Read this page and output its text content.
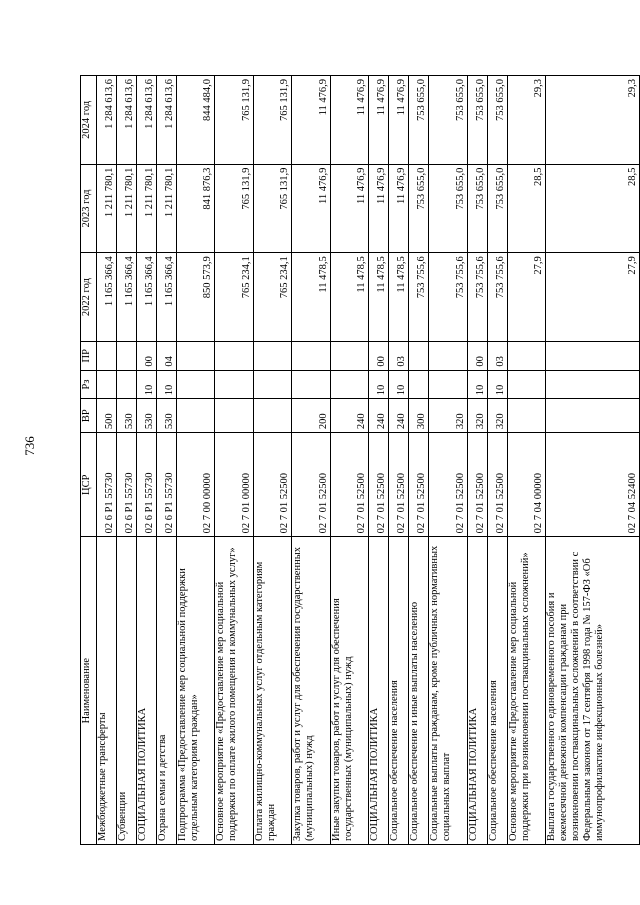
736
Наименование	ЦСР	ВР	Рз	ПР	2022 год	2023 год	2024 год
Межбюджетные трансферты	02 6 P1 55730	500			1 165 366,4	1 211 780,1	1 284 613,6
Субвенции	02 6 P1 55730	530			1 165 366,4	1 211 780,1	1 284 613,6
СОЦИАЛЬНАЯ ПОЛИТИКА	02 6 P1 55730	530	10	00	1 165 366,4	1 211 780,1	1 284 613,6
Охрана семьи и детства	02 6 P1 55730	530	10	04	1 165 366,4	1 211 780,1	1 284 613,6
Подпрограмма «Предоставление мер социальной поддержки отдельным категориям граждан»	02 7 00 00000				850 573,9	841 876,3	844 484,0
Основное мероприятие «Предоставление мер социальной поддержки по оплате жилого помещения и коммунальных услуг»	02 7 01 00000				765 234,1	765 131,9	765 131,9
Оплата жилищно-коммунальных услуг отдельным категориям граждан	02 7 01 52500				765 234,1	765 131,9	765 131,9
Закупка товаров, работ и услуг для обеспечения государственных (муниципальных) нужд	02 7 01 52500	200			11 478,5	11 476,9	11 476,9
Иные закупки товаров, работ и услуг для обеспечения государственных (муниципальных) нужд	02 7 01 52500	240			11 478,5	11 476,9	11 476,9
СОЦИАЛЬНАЯ ПОЛИТИКА	02 7 01 52500	240	10	00	11 478,5	11 476,9	11 476,9
Социальное обеспечение населения	02 7 01 52500	240	10	03	11 478,5	11 476,9	11 476,9
Социальное обеспечение и иные выплаты населению	02 7 01 52500	300			753 755,6	753 655,0	753 655,0
Социальные выплаты гражданам, кроме публичных нормативных социальных выплат	02 7 01 52500	320			753 755,6	753 655,0	753 655,0
СОЦИАЛЬНАЯ ПОЛИТИКА	02 7 01 52500	320	10	00	753 755,6	753 655,0	753 655,0
Социальное обеспечение населения	02 7 01 52500	320	10	03	753 755,6	753 655,0	753 655,0
Основное мероприятие «Предоставление мер социальной поддержки при возникновении поствакцинальных осложнений»	02 7 04 00000				27,9	28,5	29,3
Выплата государственного единовременного пособия и ежемесячной денежной компенсации гражданам при возникновении поствакцинальных осложнений в соответствии с Федеральным законом от 17 сентября 1998 года № 157-ФЗ «Об иммунопрофилактике инфекционных болезней»	02 7 04 52400				27,9	28,5	29,3
